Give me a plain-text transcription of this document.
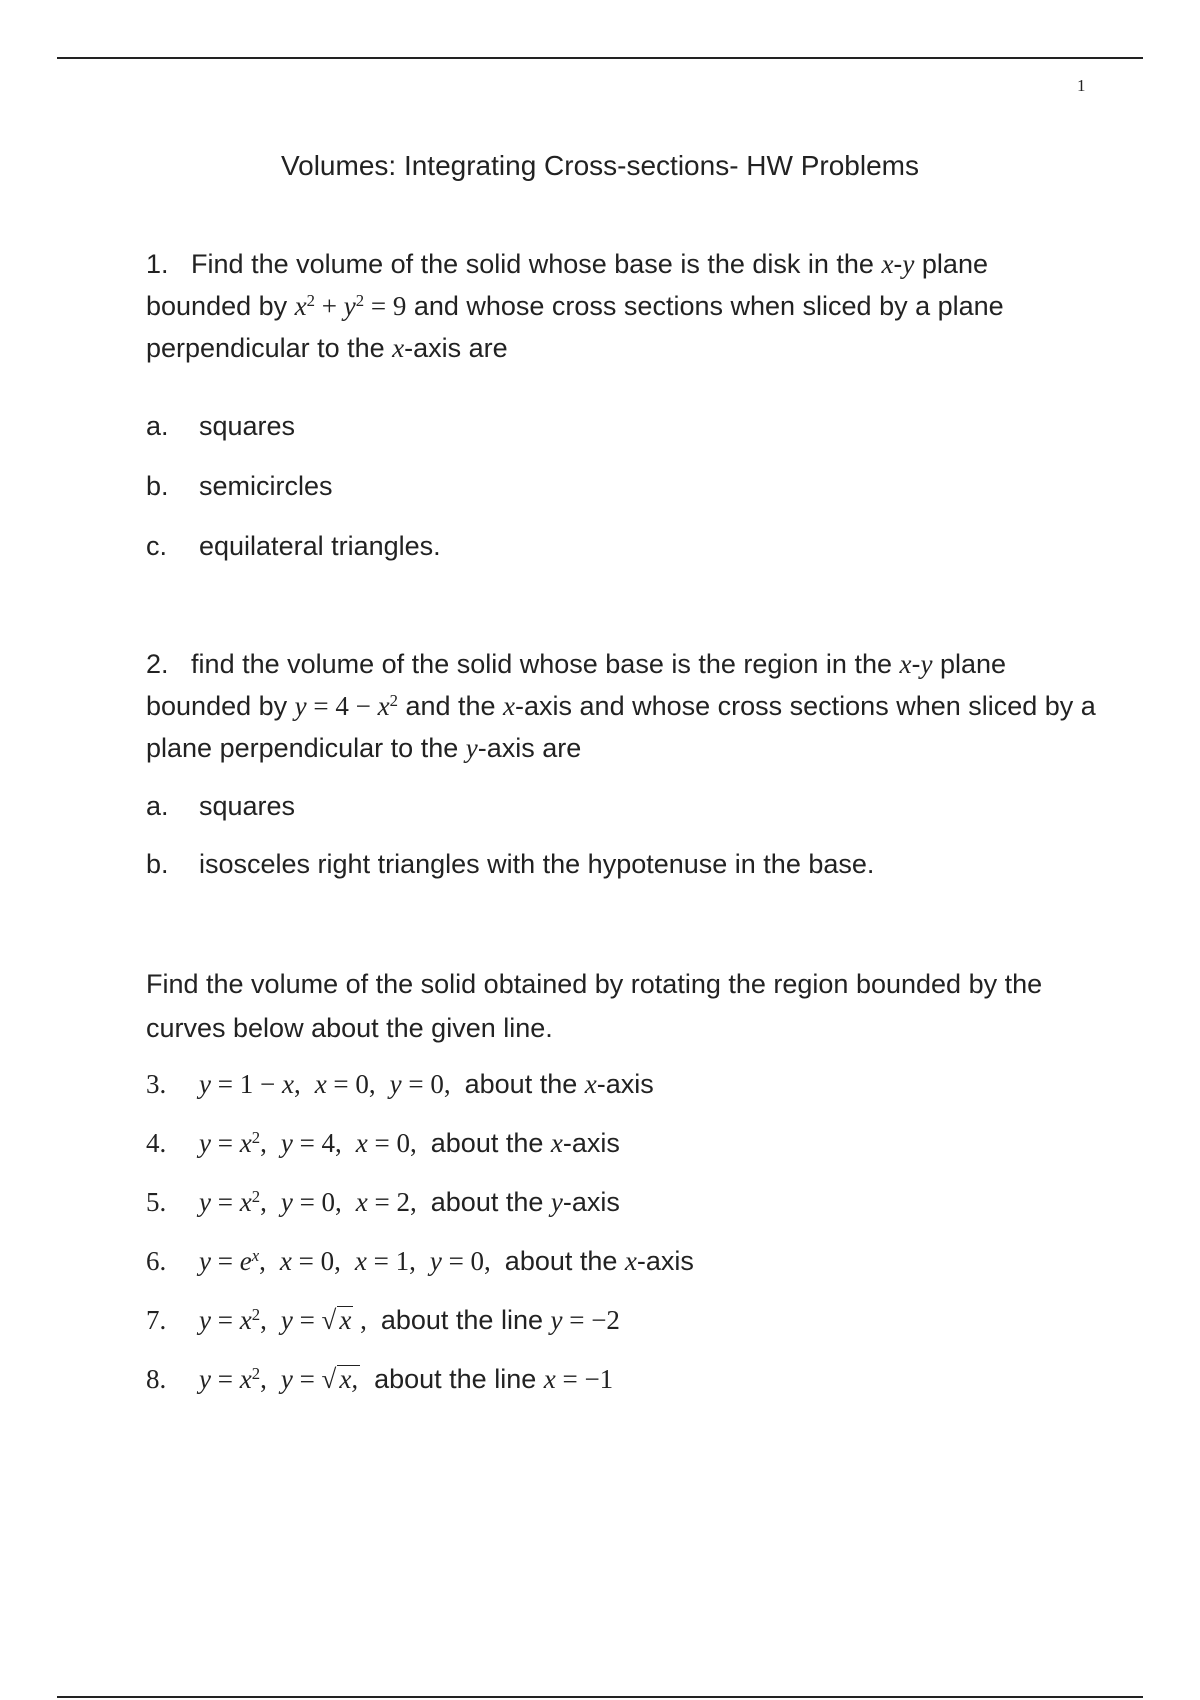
1
Volumes: Integrating Cross-sections- HW Problems
1. Find the volume of the solid whose base is the disk in the x-y plane bounded by $x^2 + y^2 = 9$ and whose cross sections when sliced by a plane perpendicular to the x-axis are
a. squares
b. semicircles
c. equilateral triangles.
2. find the volume of the solid whose base is the region in the x-y plane bounded by $y = 4 - x^2$ and the x-axis and whose cross sections when sliced by a plane perpendicular to the y-axis are
a. squares
b. isosceles right triangles with the hypotenuse in the base.
Find the volume of the solid obtained by rotating the region bounded by the curves below about the given line.
3. y = 1 − x, x = 0, y = 0, about the x-axis
4. $y = x^2$, y = 4, x = 0, about the x-axis
5. $y = x^2$, y = 0, x = 2, about the y-axis
6. $y = e^x$, x = 0, x = 1, y = 0, about the x-axis
7. $y = x^2$, y = √ x , about the line y = −2
8. $y = x^2$, y = √ x, about the line x = −1
